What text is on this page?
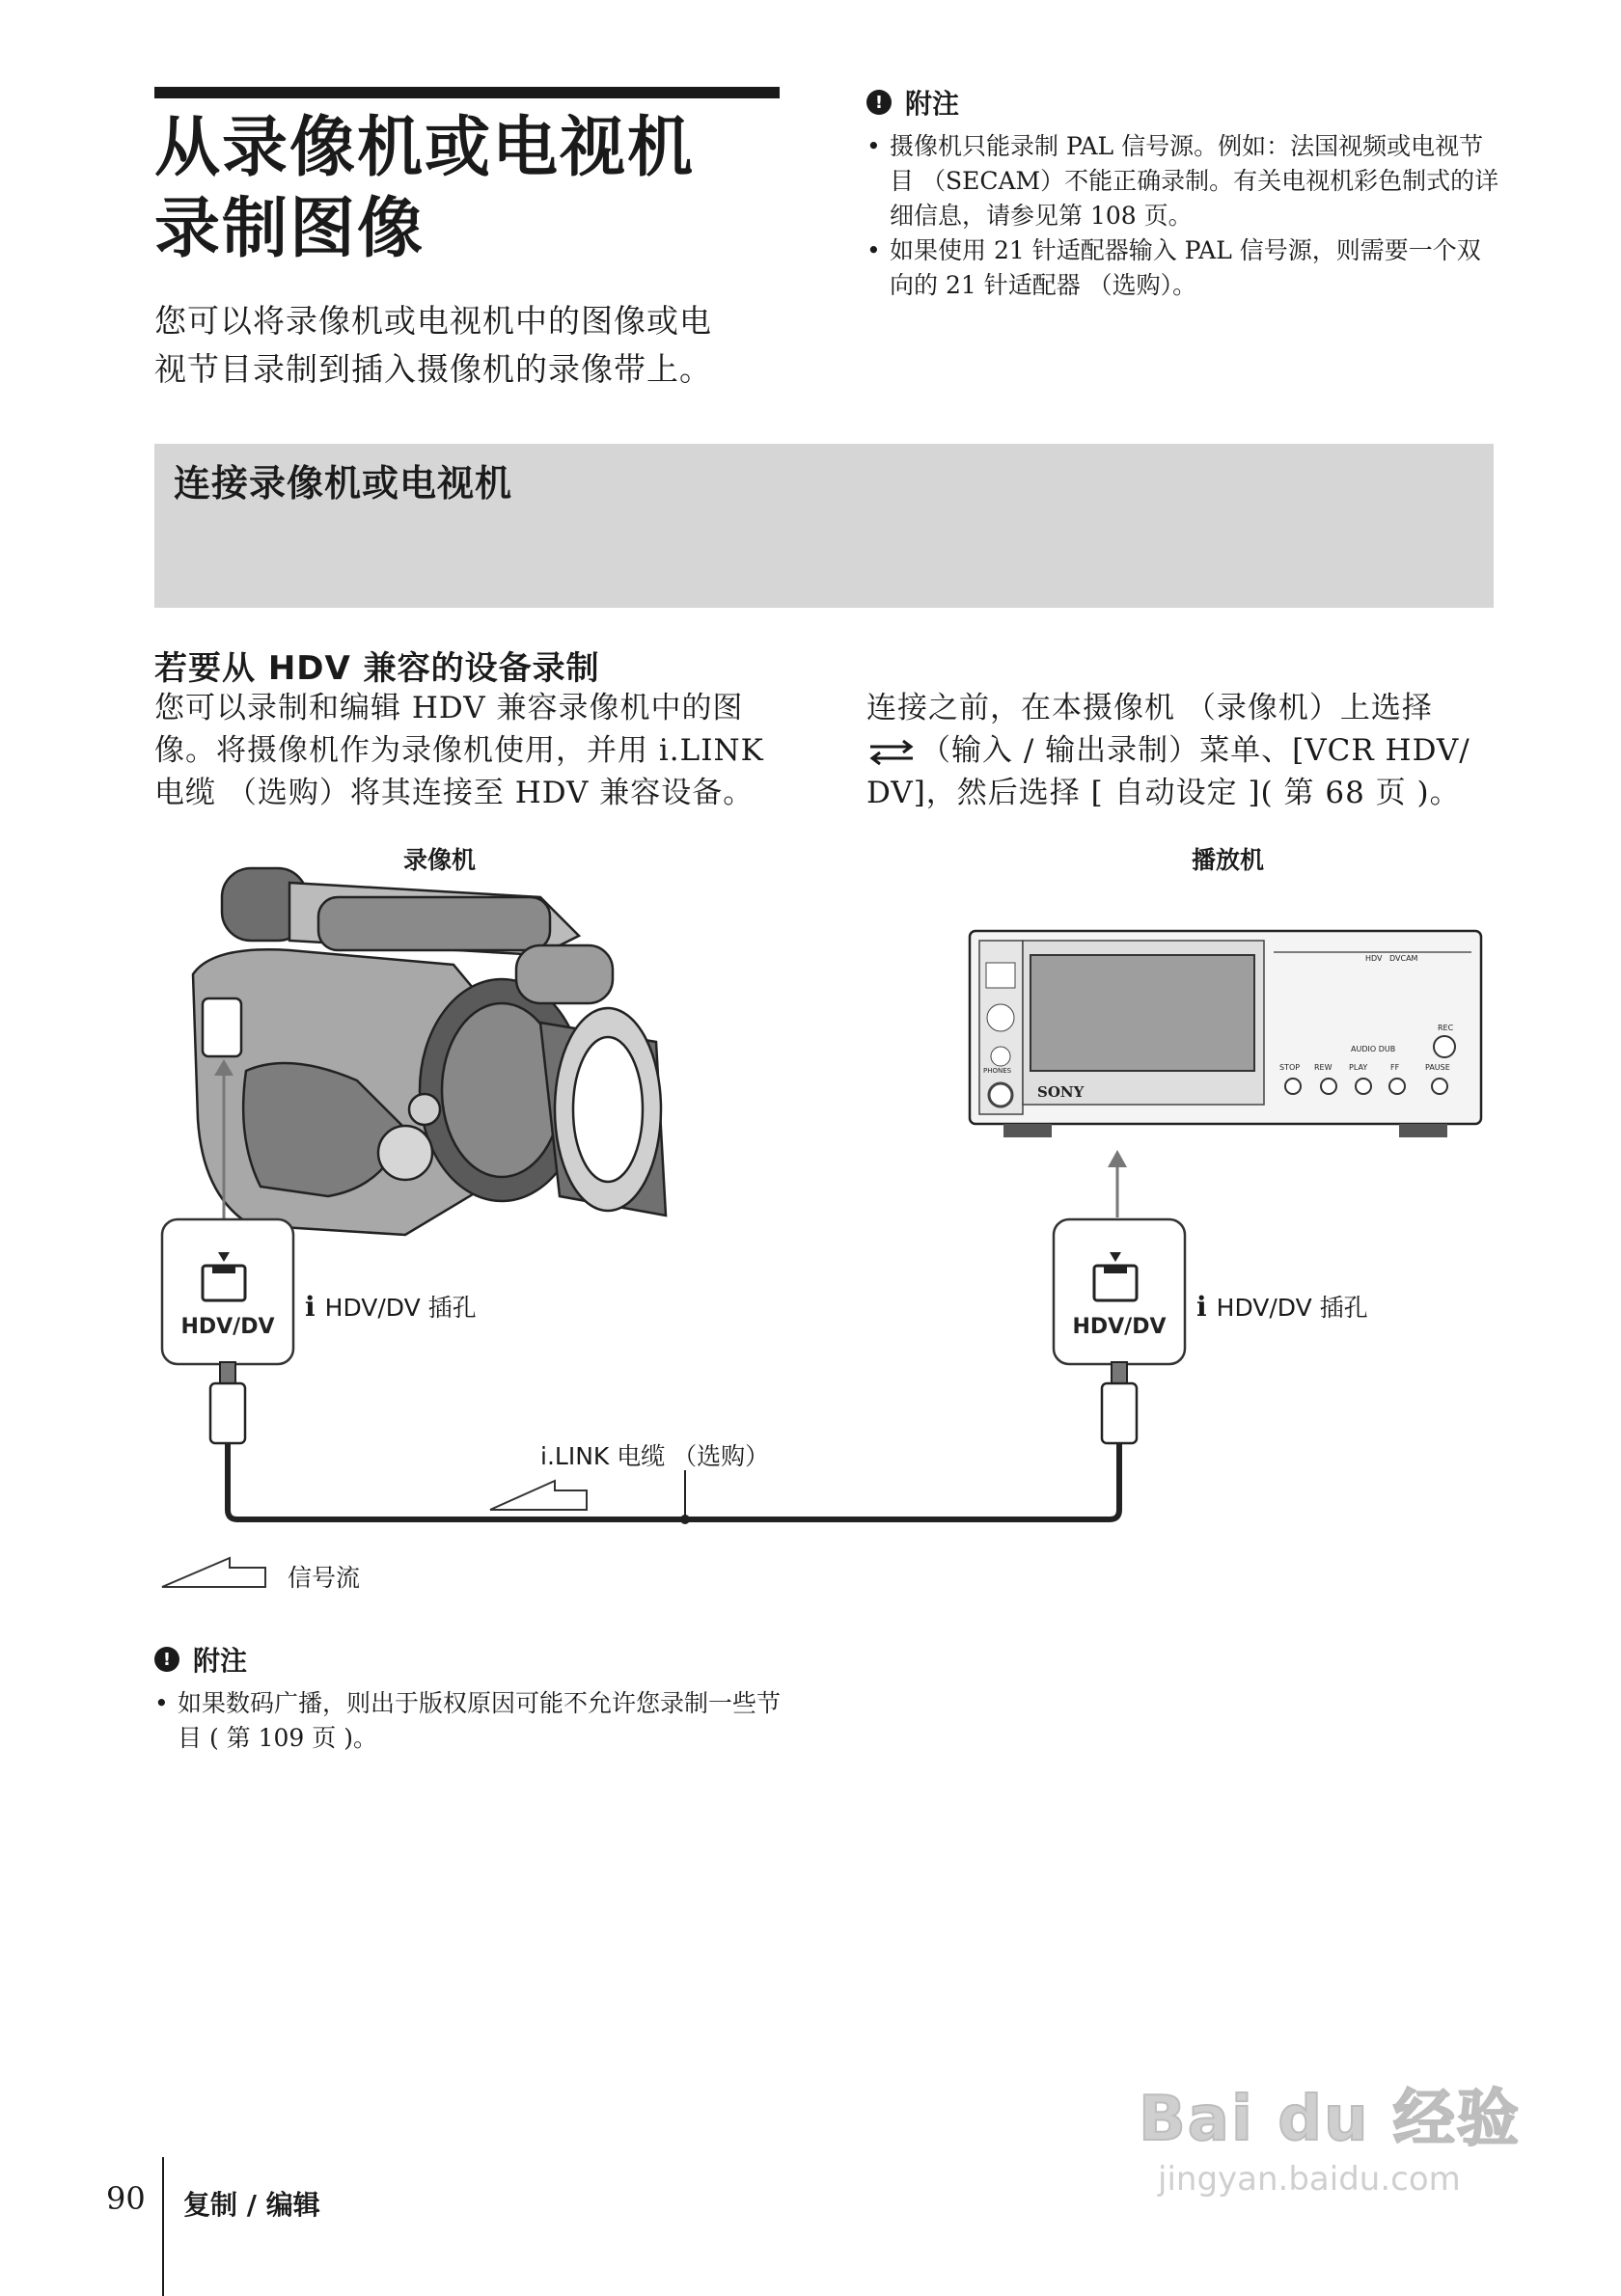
从录像机或电视机
录制图像
您可以将录像机或电视机中的图像或电
视节目录制到插入摄像机的录像带上。
! 附注
• 摄像机只能录制 PAL 信号源。例如：法国视频或电视节目 （SECAM）不能正确录制。有关电视机彩色制式的详细信息，请参见第 108 页。
• 如果使用 21 针适配器输入 PAL 信号源，则需要一个双向的 21 针适配器 （选购）。
连接录像机或电视机
若要从 HDV 兼容的设备录制
您可以录制和编辑 HDV 兼容录像机中的图
像。将摄像机作为录像机使用，并用 i.LINK
电缆 （选购）将其连接至 HDV 兼容设备。
连接之前，在本摄像机 （录像机）上选择
（输入 / 输出录制）菜单、[VCR HDV/
DV]，然后选择 [ 自动设定 ]( 第 68 页 )。
录像机	播放机
SONY
STOP REW PLAY	FF	PAUSE
HDV DVCAM
REC
AUDIO DUB
PHONES
HDV/DV	HDV/DV
i HDV/DV 插孔	i HDV/DV 插孔
i.LINK 电缆 （选购）
信号流
! 附注
• 如果数码广播，则出于版权原因可能不允许您录制一些节目 ( 第 109 页 )。
90 复制 / 编辑
Bai du 经验
jingyan.baidu.com
